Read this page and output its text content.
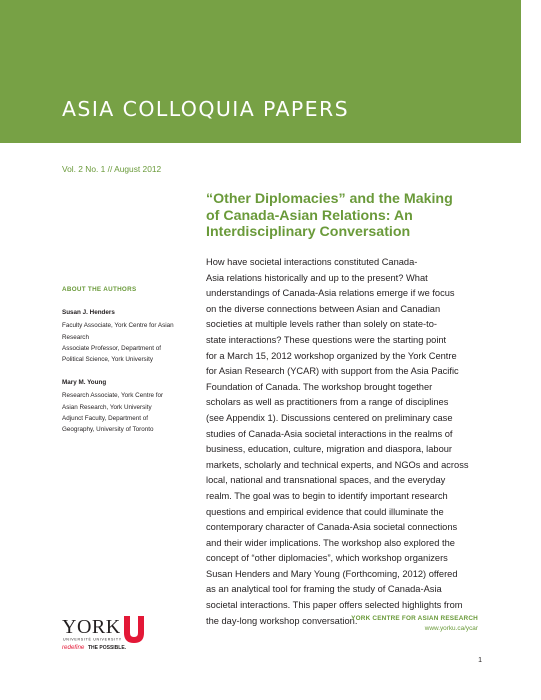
ASIA COLLOQUIA PAPERS
Vol. 2 No. 1 // August 2012
“Other Diplomacies” and the Making
of Canada-Asian Relations: An
Interdisciplinary Conversation
ABOUT THE AUTHORS
Susan J. Henders
Faculty Associate, York Centre for Asian
Research
Associate Professor, Department of
Political Science, York University
Mary M. Young
Research Associate, York Centre for
Asian Research, York University
Adjunct Faculty, Department of
Geography, University of Toronto
How have societal interactions constituted Canada-
Asia relations historically and up to the present? What
understandings of Canada-Asia relations emerge if we focus
on the diverse connections between Asian and Canadian
societies at multiple levels rather than solely on state-to-
state interactions? These questions were the starting point
for a March 15, 2012 workshop organized by the York Centre
for Asian Research (YCAR) with support from the Asia Pacific
Foundation of Canada. The workshop brought together
scholars as well as practitioners from a range of disciplines
(see Appendix 1). Discussions centered on preliminary case
studies of Canada-Asia societal interactions in the realms of
business, education, culture, migration and diaspora, labour
markets, scholarly and technical experts, and NGOs and across
local, national and transnational spaces, and the everyday
realm. The goal was to begin to identify important research
questions and empirical evidence that could illuminate the
contemporary character of Canada-Asia societal connections
and their wider implications. The workshop also explored the
concept of “other diplomacies”, which workshop organizers
Susan Henders and Mary Young (Forthcoming, 2012) offered
as an analytical tool for framing the study of Canada-Asia
societal interactions. This paper offers selected highlights from
the day-long workshop conversation.
YORK
UNIVERSITÉ UNIVERSITY
redefine THE POSSIBLE.
YORK CENTRE FOR ASIAN RESEARCH
www.yorku.ca/ycar
1
